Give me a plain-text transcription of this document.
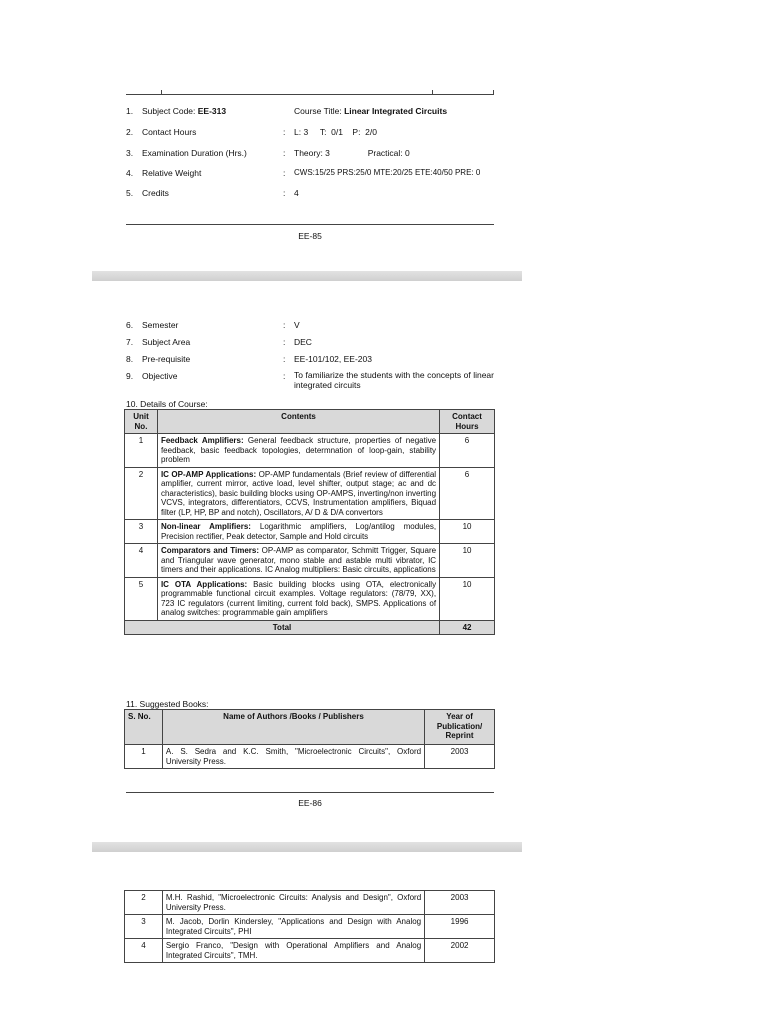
1.	Subject Code: EE-313	Course Title: Linear Integrated Circuits
2.	Contact Hours	: L: 3     T:  0/1    P:  2/0
3.	Examination Duration (Hrs.)	: Theory: 3                Practical: 0
4.	Relative Weight	: CWS:15/25 PRS:25/0 MTE:20/25 ETE:40/50 PRE: 0
5.	Credits	: 4
EE-85
6.	Semester	: V
7.	Subject Area	: DEC
8.	Pre-requisite	: EE-101/102, EE-203
9.	Objective	: To familiarize the students with the concepts of linear integrated circuits
10. Details of Course:
Unit No.	Contents	Contact Hours
1	Feedback Amplifiers: General feedback structure, properties of negative feedback, basic feedback topologies, determnation of loop-gain, stability problem	6
2	IC OP-AMP Applications: OP-AMP fundamentals (Brief review of differential amplifier, current mirror, active load, level shifter, output stage; ac and dc characteristics), basic building blocks using OP-AMPS, inverting/non inverting VCVS, integrators, differentiators, CCVS, Instrumentation amplifiers, Biquad filter (LP, HP, BP and notch), Oscillators, A/ D & D/A convertors	6
3	Non-linear Amplifiers: Logarithmic amplifiers, Log/antilog modules, Precision rectifier, Peak detector, Sample and Hold circuits	10
4	Comparators and Timers: OP-AMP as comparator, Schmitt Trigger, Square and Triangular wave generator, mono stable and astable multi vibrator, IC timers and their applications. IC Analog multipliers: Basic circuits, applications	10
5	IC OTA Applications: Basic building blocks using OTA, electronically programmable functional circuit examples. Voltage regulators: (78/79, XX), 723 IC regulators (current limiting, current fold back), SMPS. Applications of analog switches: programmable gain amplifiers	10
Total		42
11. Suggested Books:
S. No.	Name of Authors /Books / Publishers	Year of Publication/ Reprint
1	A. S. Sedra and K.C. Smith, "Microelectronic Circuits", Oxford University Press.	2003
EE-86
2	M.H. Rashid, "Microelectronic Circuits: Analysis and Design", Oxford University Press.	2003
3	M. Jacob, Dorlin Kindersley, "Applications and Design with Analog Integrated Circuits", PHI	1996
4	Sergio Franco, "Design with Operational Amplifiers and Analog Integrated Circuits", TMH.	2002
